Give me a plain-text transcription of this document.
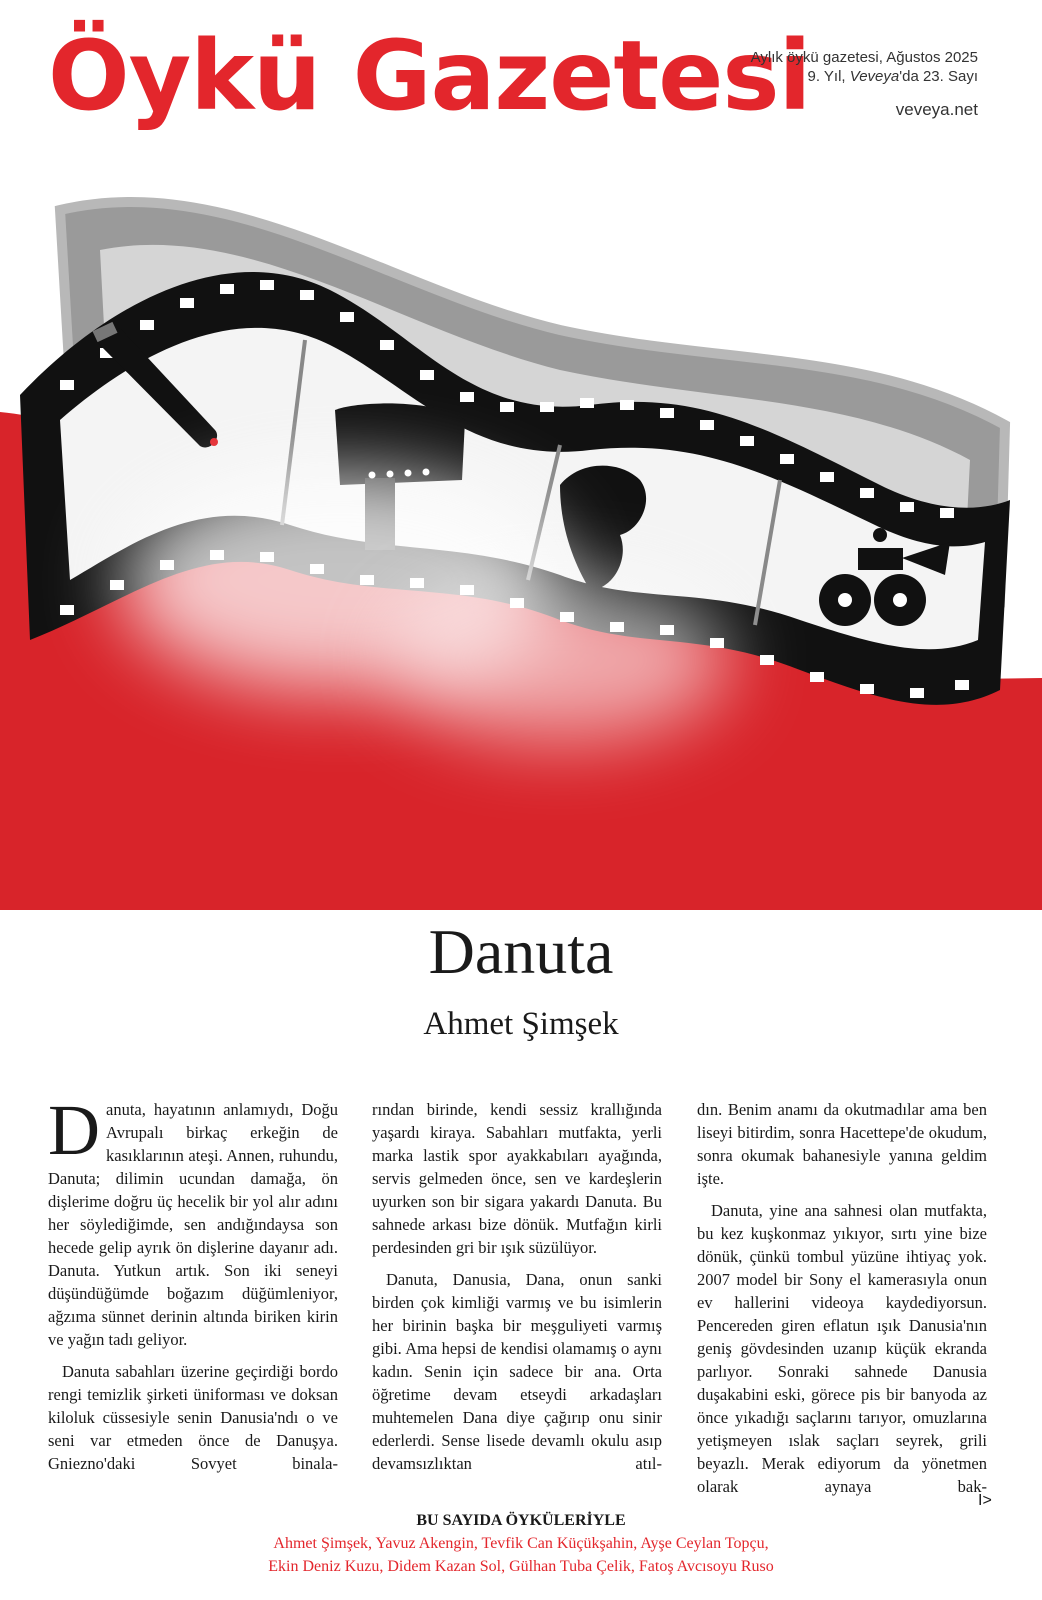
Öykü Gazetesi
Aylık öykü gazetesi, Ağustos 2025
9. Yıl, Veveya'da 23. Sayı
veveya.net
Danuta
Ahmet Şimşek

Danuta, hayatının anlamıydı, Doğu Avrupalı birkaç erkeğin de kasıklarının ateşi. Annen, ruhundu, Danuta; dilimin ucundan damağa, ön dişlerime doğru üç hecelik bir yol alır adını her söylediğimde, sen andığındaysa son hecede gelip ayrık ön dişlerine dayanır adı. Danuta. Yutkun artık. Son iki seneyi düşündüğümde boğazım düğümleniyor, ağzıma sünnet derinin altında biriken kirin ve yağın tadı geliyor.

Danuta sabahları üzerine geçirdiği bordo rengi temizlik şirketi üniforması ve doksan kiloluk cüssesiyle senin Danusia'ndı o ve seni var etmeden önce de Danuşya. Gniezno'daki Sovyet binala-

rından birinde, kendi sessiz krallığında yaşardı kiraya. Sabahları mutfakta, yerli marka lastik spor ayakkabıları ayağında, servis gelmeden önce, sen ve kardeşlerin uyurken son bir sigara yakardı Danuta. Bu sahnede arkası bize dönük. Mutfağın kirli perdesinden gri bir ışık süzülüyor.

Danuta, Danusia, Dana, onun sanki birden çok kimliği varmış ve bu isimlerin her birinin başka bir meşguliyeti varmış gibi. Ama hepsi de kendisi olamamış o aynı kadın. Senin için sadece bir ana. Orta öğretime devam etseydi arkadaşları muhtemelen Dana diye çağırıp onu sinir ederlerdi. Sense lisede devamlı okulu asıp devamsızlıktan atıl-

dın. Benim anamı da okutmadılar ama ben liseyi bitirdim, sonra Hacettepe'de okudum, sonra okumak bahanesiyle yanına geldim işte.

Danuta, yine ana sahnesi olan mutfakta, bu kez kuşkonmaz yıkıyor, sırtı yine bize dönük, çünkü tombul yüzüne ihtiyaç yok. 2007 model bir Sony el kamerasıyla onun ev hallerini videoya kaydediyorsun. Pencereden giren eflatun ışık Danusia'nın geniş gövdesinden uzanıp küçük ekranda parlıyor. Sonraki sahnede Danusia duşakabini eski, görece pis bir banyoda az önce yıkadığı saçlarını tarıyor, omuzlarına yetişmeyen ıslak saçları seyrek, grili beyazlı. Merak ediyorum da yönetmen olarak aynaya bak-

I>
BU SAYIDA ÖYKÜLERİYLE
Ahmet Şimşek, Yavuz Akengin, Tevfik Can Küçükşahin, Ayşe Ceylan Topçu,
Ekin Deniz Kuzu, Didem Kazan Sol, Gülhan Tuba Çelik, Fatoş Avcısoyu Ruso
